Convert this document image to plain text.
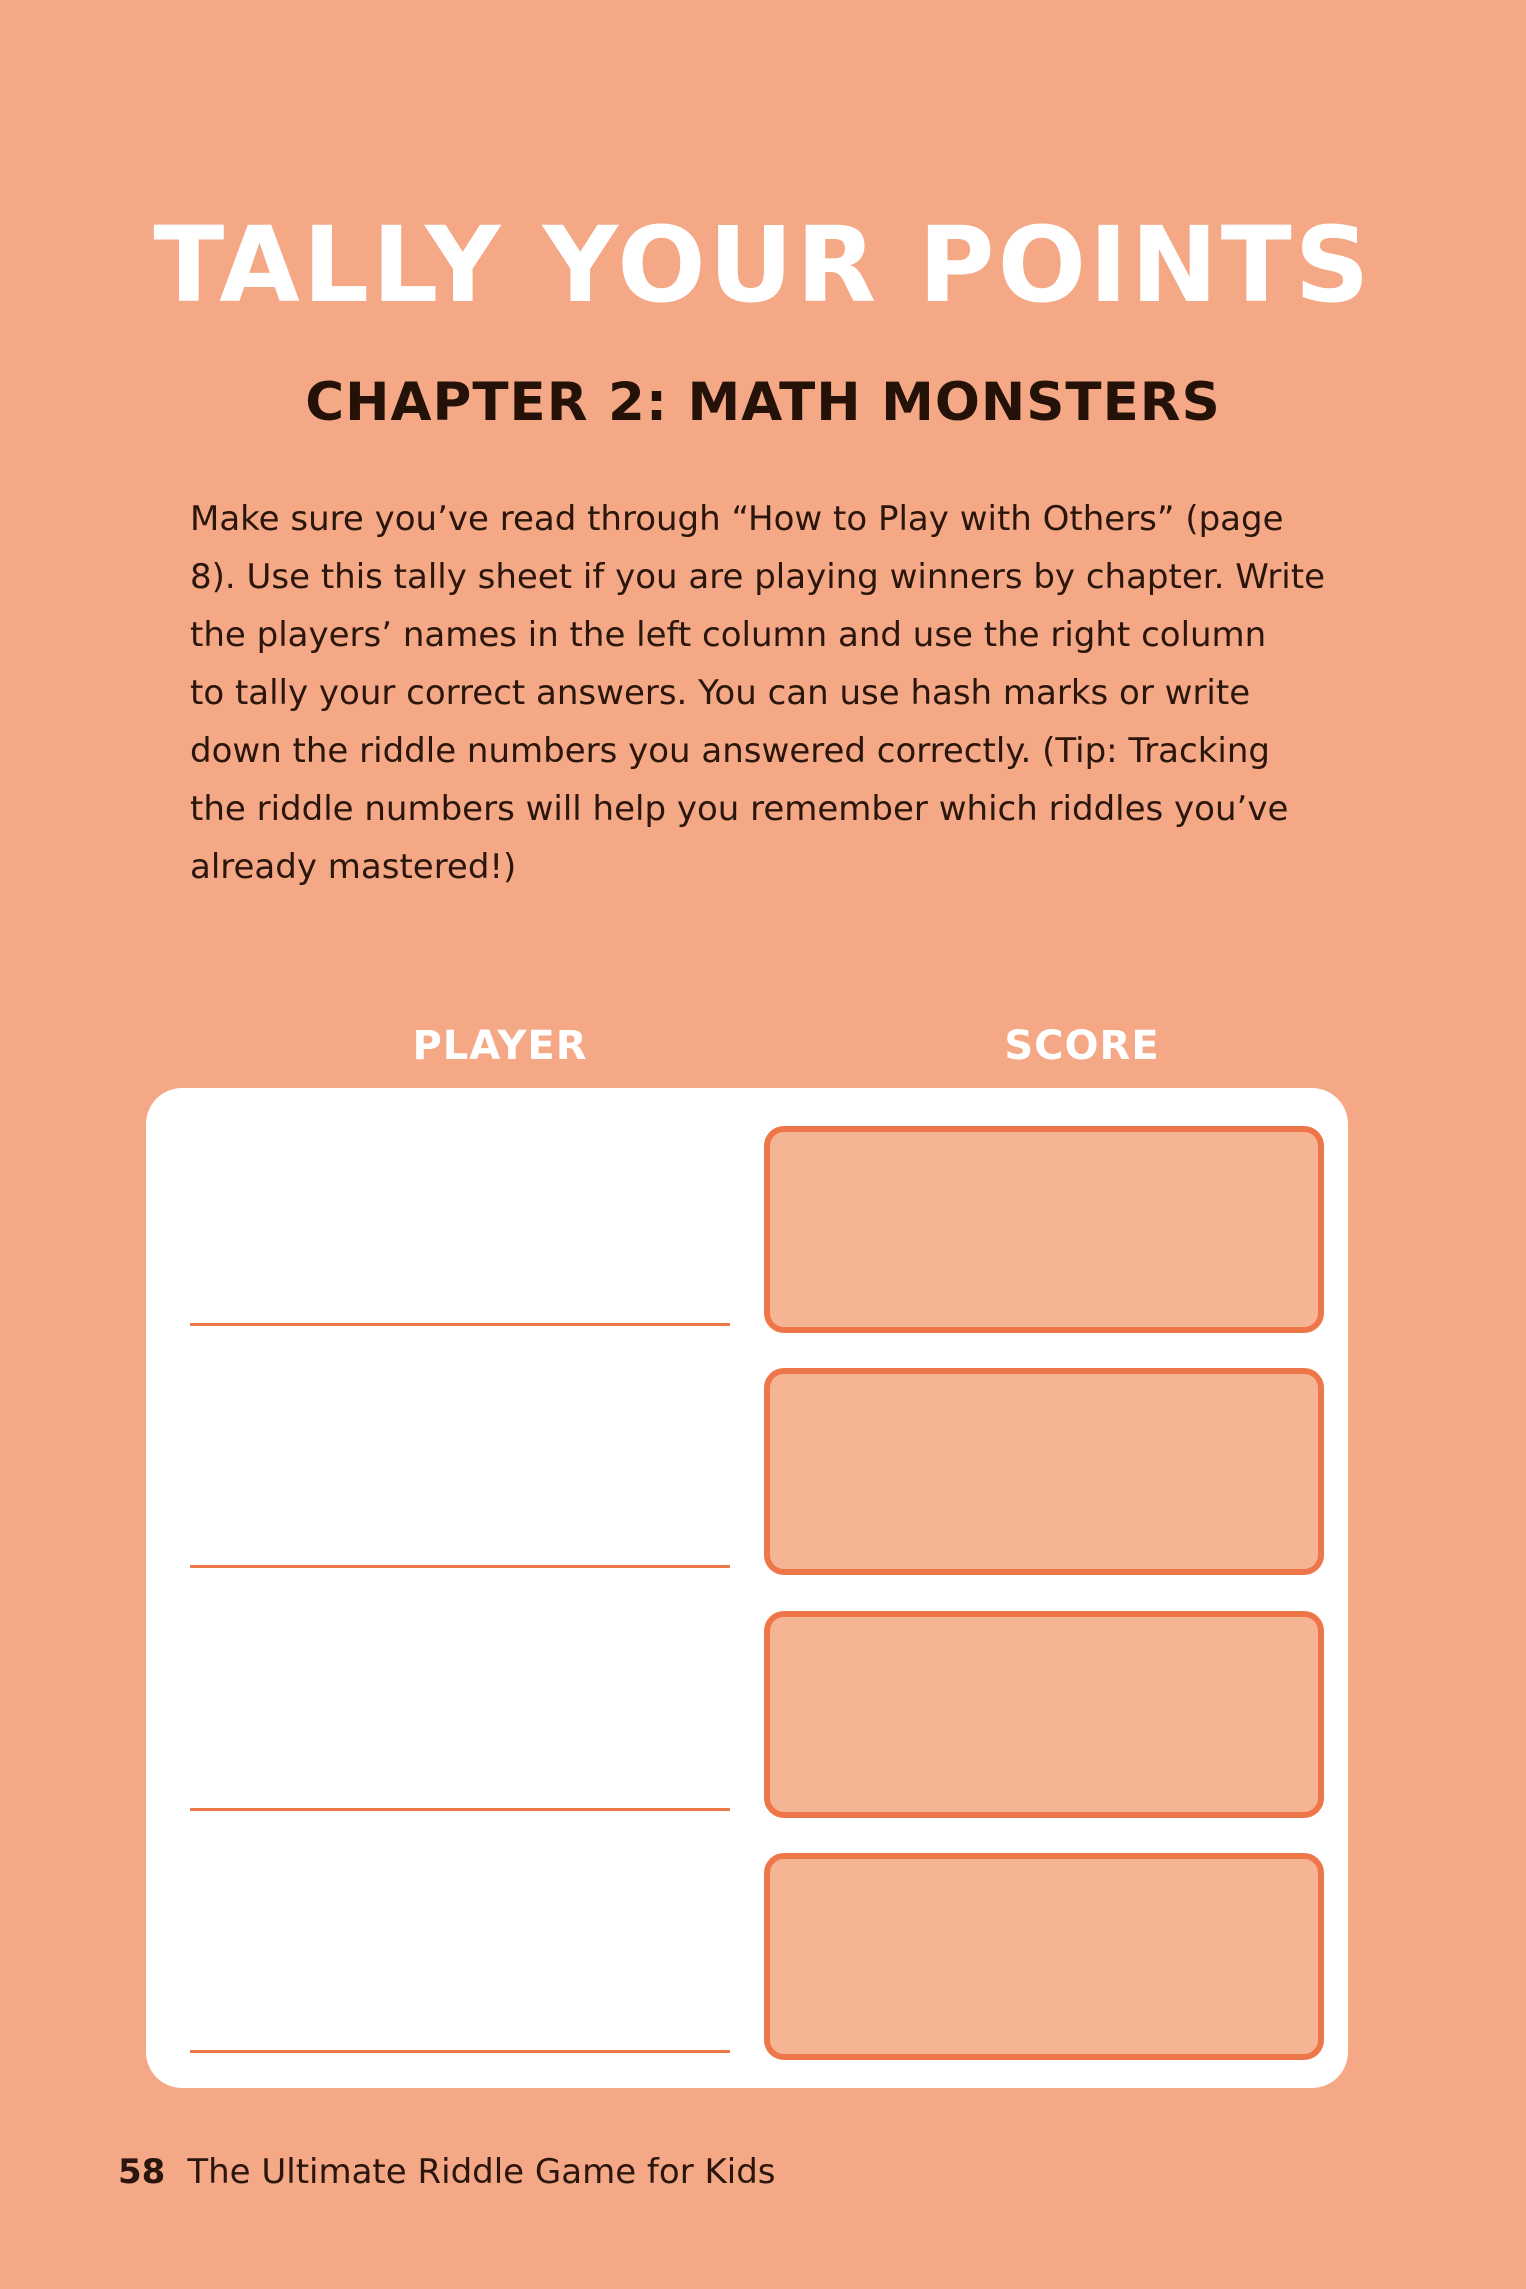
TALLY YOUR POINTS
CHAPTER 2: MATH MONSTERS

Make sure you’ve read through “How to Play with Others” (page
8). Use this tally sheet if you are playing winners by chapter. Write
the players’ names in the left column and use the right column
to tally your correct answers. You can use hash marks or write
down the riddle numbers you answered correctly. (Tip: Tracking
the riddle numbers will help you remember which riddles you’ve
already mastered!)

PLAYER	SCORE
58 The Ultimate Riddle Game for Kids
